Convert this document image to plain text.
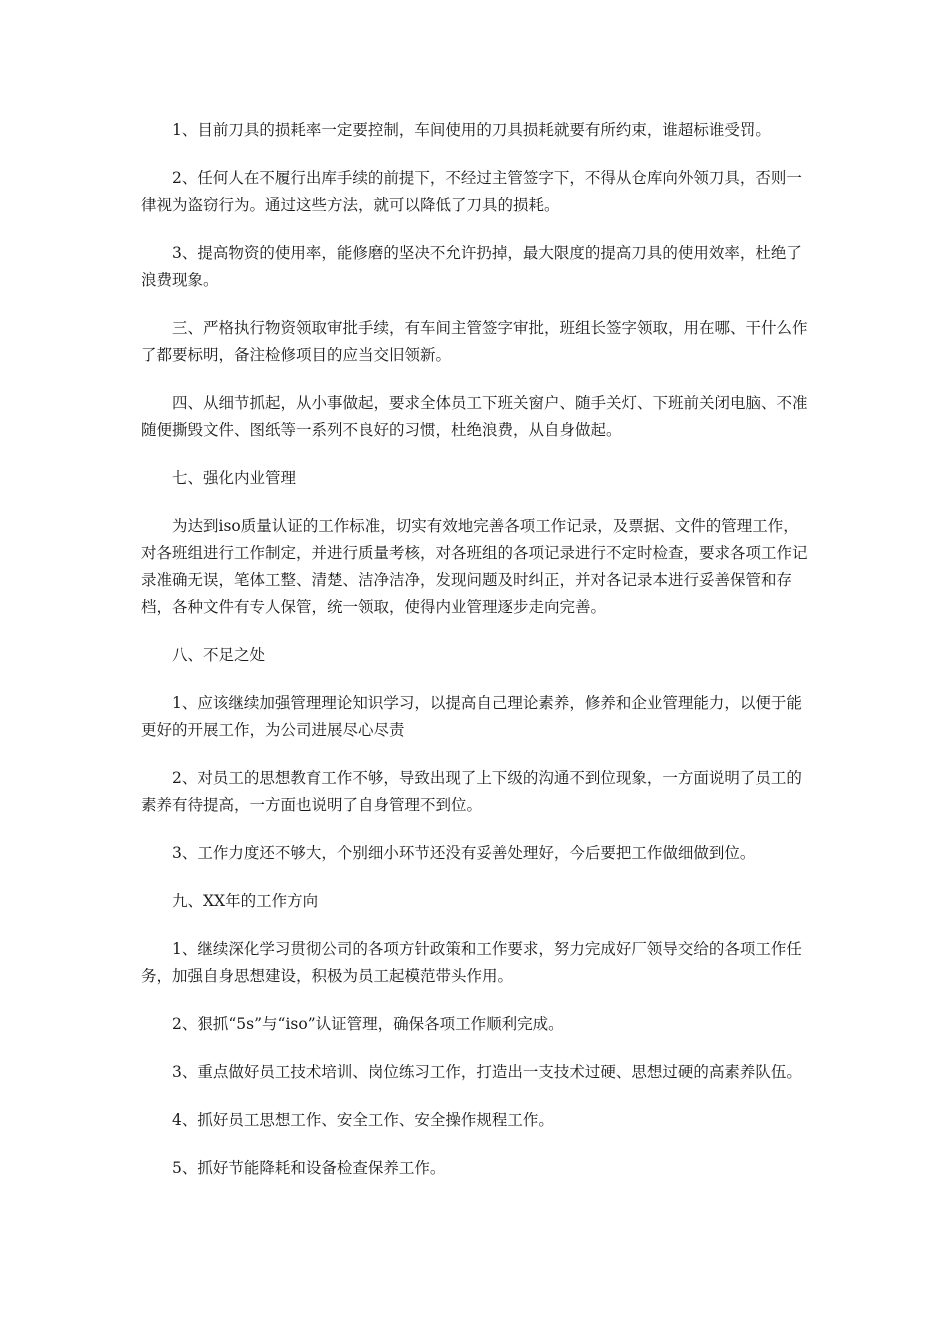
1、目前刀具的损耗率一定要控制，车间使用的刀具损耗就要有所约束，谁超标谁受罚。

2、任何人在不履行出库手续的前提下，不经过主管签字下，不得从仓库向外领刀具，否则一律视为盗窃行为。通过这些方法，就可以降低了刀具的损耗。

3、提高物资的使用率，能修磨的坚决不允许扔掉，最大限度的提高刀具的使用效率，杜绝了浪费现象。

三、严格执行物资领取审批手续，有车间主管签字审批，班组长签字领取，用在哪、干什么作了都要标明，备注检修项目的应当交旧领新。

四、从细节抓起，从小事做起，要求全体员工下班关窗户、随手关灯、下班前关闭电脑、不准随便撕毁文件、图纸等一系列不良好的习惯，杜绝浪费，从自身做起。

七、强化内业管理

为达到iso质量认证的工作标准，切实有效地完善各项工作记录，及票据、文件的管理工作，对各班组进行工作制定，并进行质量考核，对各班组的各项记录进行不定时检查，要求各项工作记录准确无误，笔体工整、清楚、洁净洁净，发现问题及时纠正，并对各记录本进行妥善保管和存档，各种文件有专人保管，统一领取，使得内业管理逐步走向完善。

八、不足之处

1、应该继续加强管理理论知识学习，以提高自己理论素养，修养和企业管理能力，以便于能更好的开展工作，为公司进展尽心尽责

2、对员工的思想教育工作不够，导致出现了上下级的沟通不到位现象，一方面说明了员工的素养有待提高，一方面也说明了自身管理不到位。

3、工作力度还不够大，个别细小环节还没有妥善处理好，今后要把工作做细做到位。

九、XX年的工作方向

1、继续深化学习贯彻公司的各项方针政策和工作要求，努力完成好厂领导交给的各项工作任务，加强自身思想建设，积极为员工起模范带头作用。

2、狠抓“5s”与“iso”认证管理，确保各项工作顺利完成。

3、重点做好员工技术培训、岗位练习工作，打造出一支技术过硬、思想过硬的高素养队伍。

4、抓好员工思想工作、安全工作、安全操作规程工作。

5、抓好节能降耗和设备检查保养工作。
